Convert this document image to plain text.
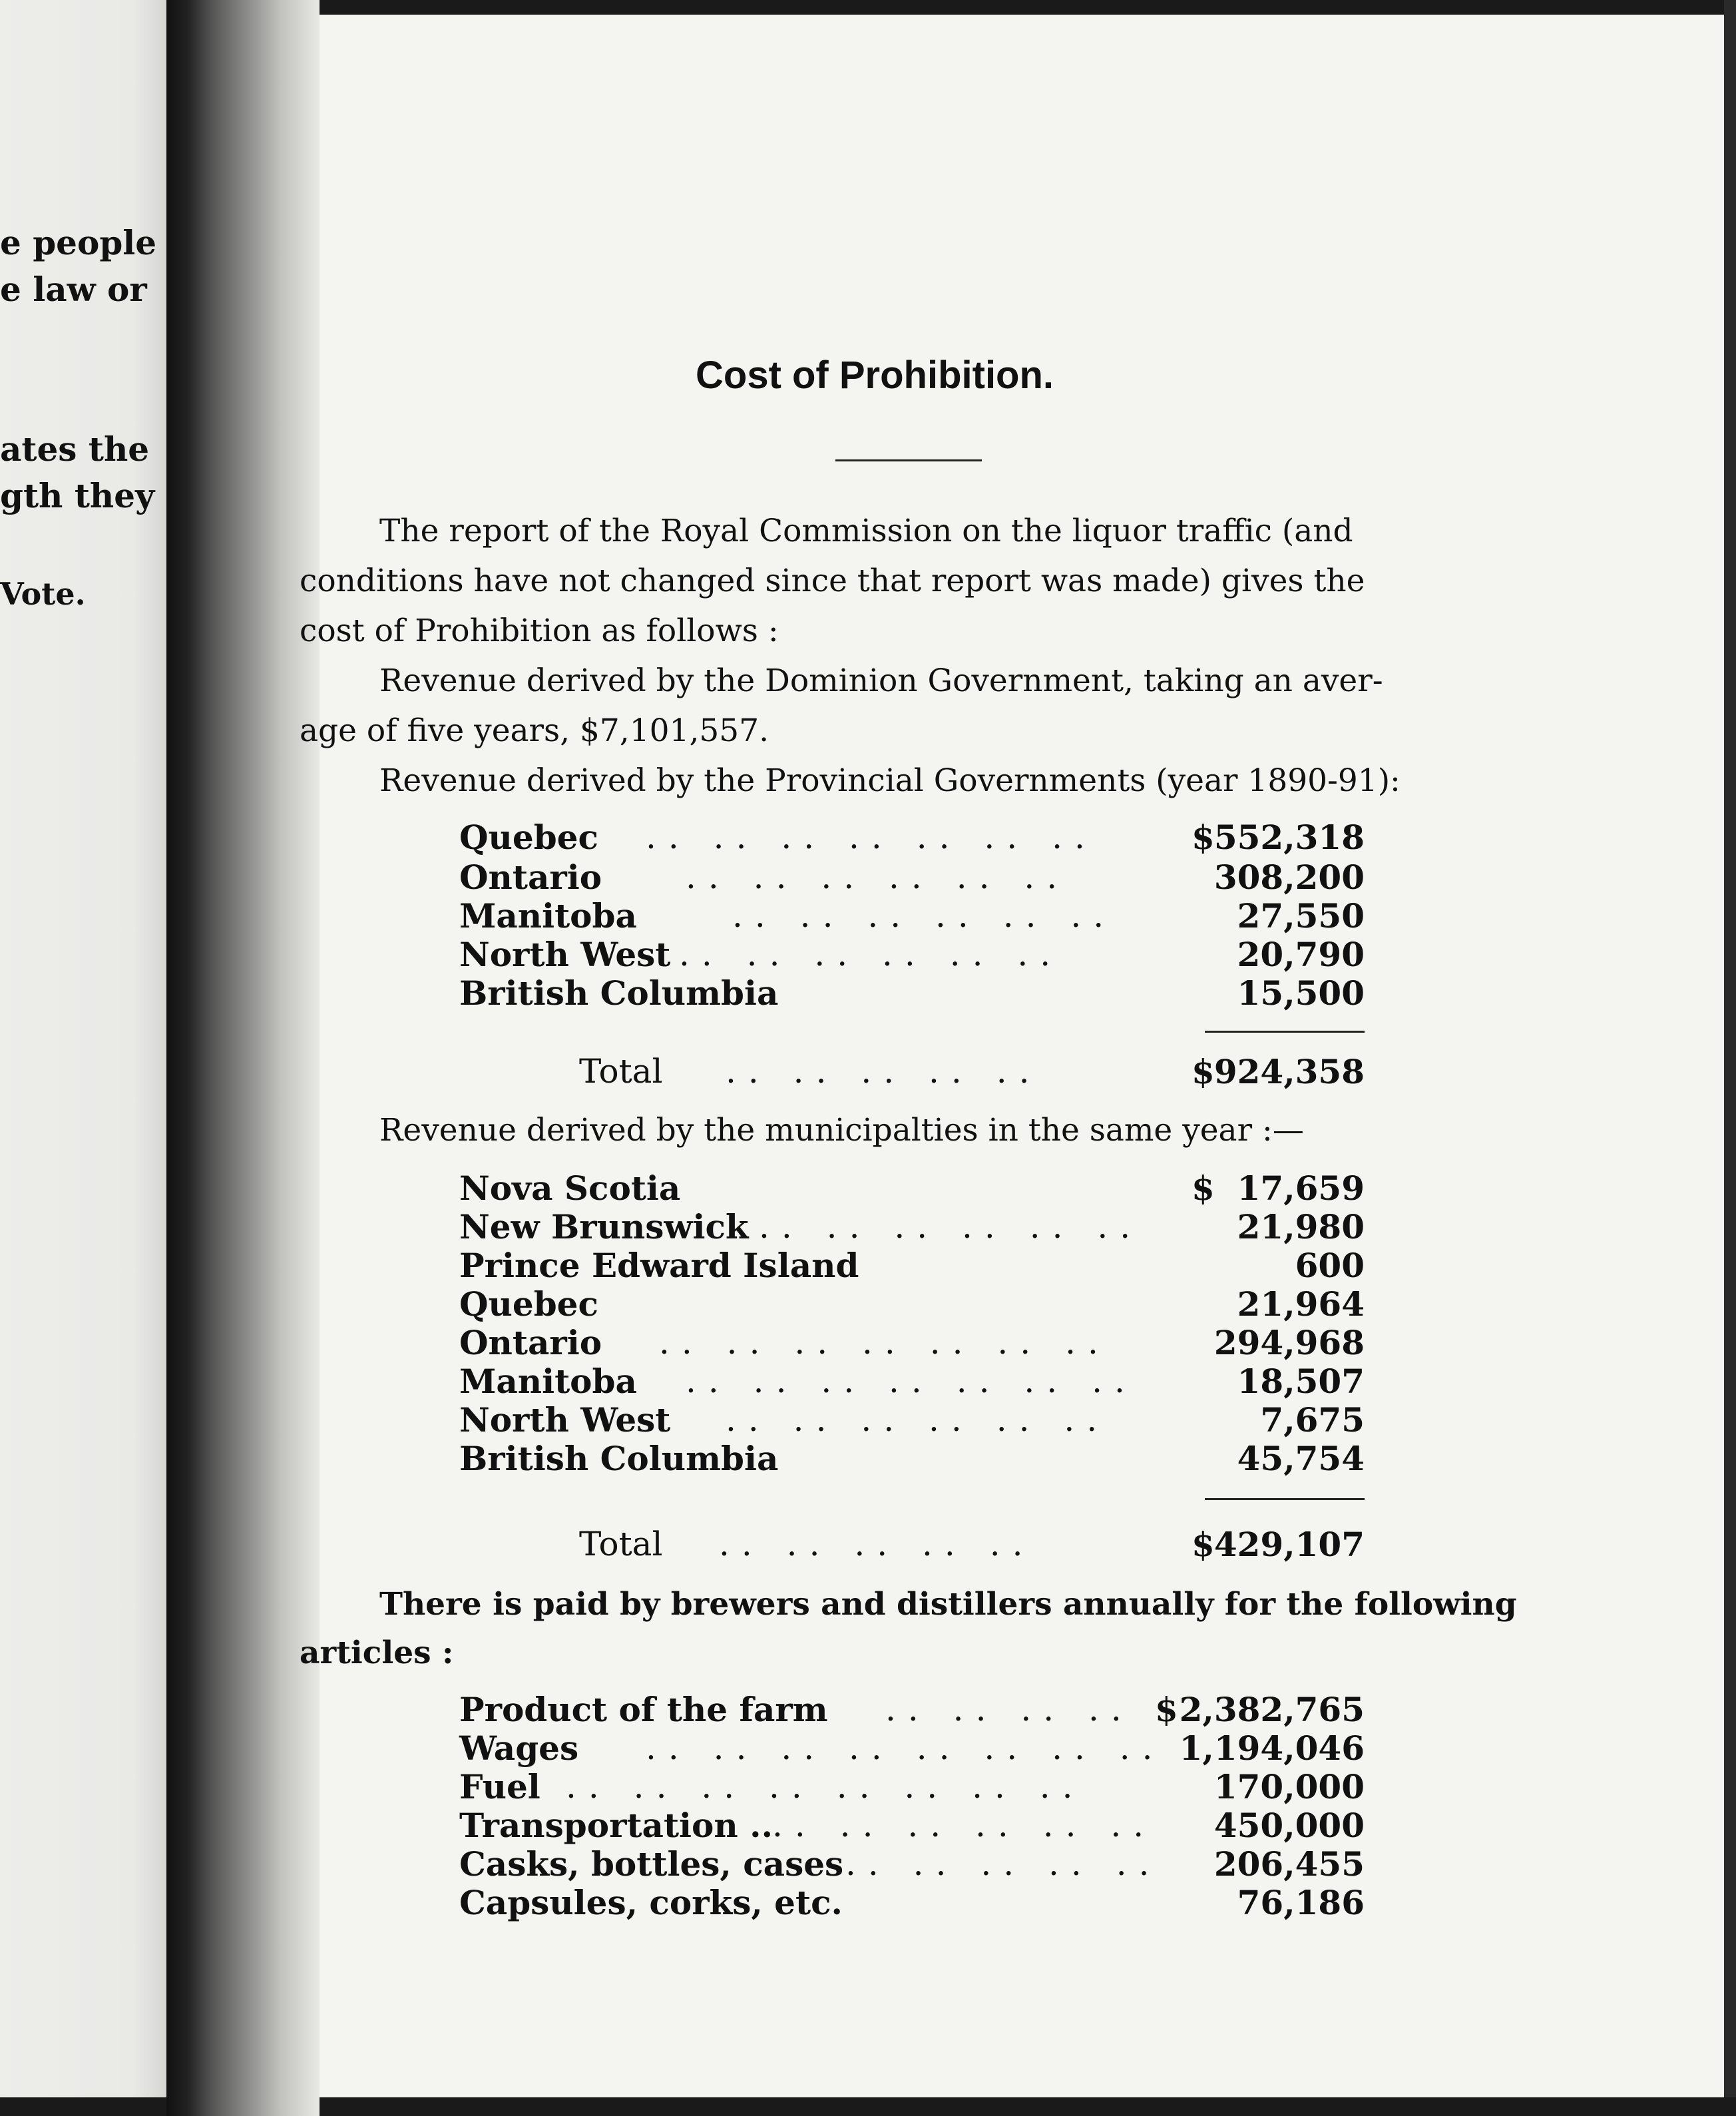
e people
e law or
ates the
gth they
Vote.
Cost of Prohibition.
The report of the Royal Commission on the liquor traffic (and
conditions have not changed since that report was made) gives the
cost of Prohibition as follows :
Revenue derived by the Dominion Government, taking an aver-
age of five years, $7,101,557.
Revenue derived by the Provincial Governments (year 1890-91):
Quebec .. .. .. .. .. .. ..	$ 552,318
Ontario	.. .. .. .. .. ..	308,200
Manitoba	.. .. .. .. .. ..	27,550
North West .. .. .. .. .. ..	20,790
British Columbia	15,500
Total .. .. .. .. ..	$ 924,358
Revenue derived by the municipalties in the same year :—
Nova Scotia	$ 17,659
New Brunswick .. .. .. .. .. ..	21,980
Prince Edward Island	600
Quebec	21,964
Ontario .. .. .. .. .. .. ..	294,968
Manitoba .. .. .. .. .. .. ..	18,507
North West .. .. .. .. .. ..	7,675
British Columbia	45,754
Total .. .. .. .. ..	$ 429,107
There is paid by brewers and distillers annually for the following
articles :
Product of the farm .. .. .. .. $ 2,382,765
Wages .. .. .. .. .. .. .. .. 1,194,046
Fuel .. .. .. .. .. .. .. ..	170,000
Transportation .. .. .. .. .. .. .. 450,000
Casks, bottles, cases .. .. .. .. .. 206,455
Capsules, corks, etc.	76,186
